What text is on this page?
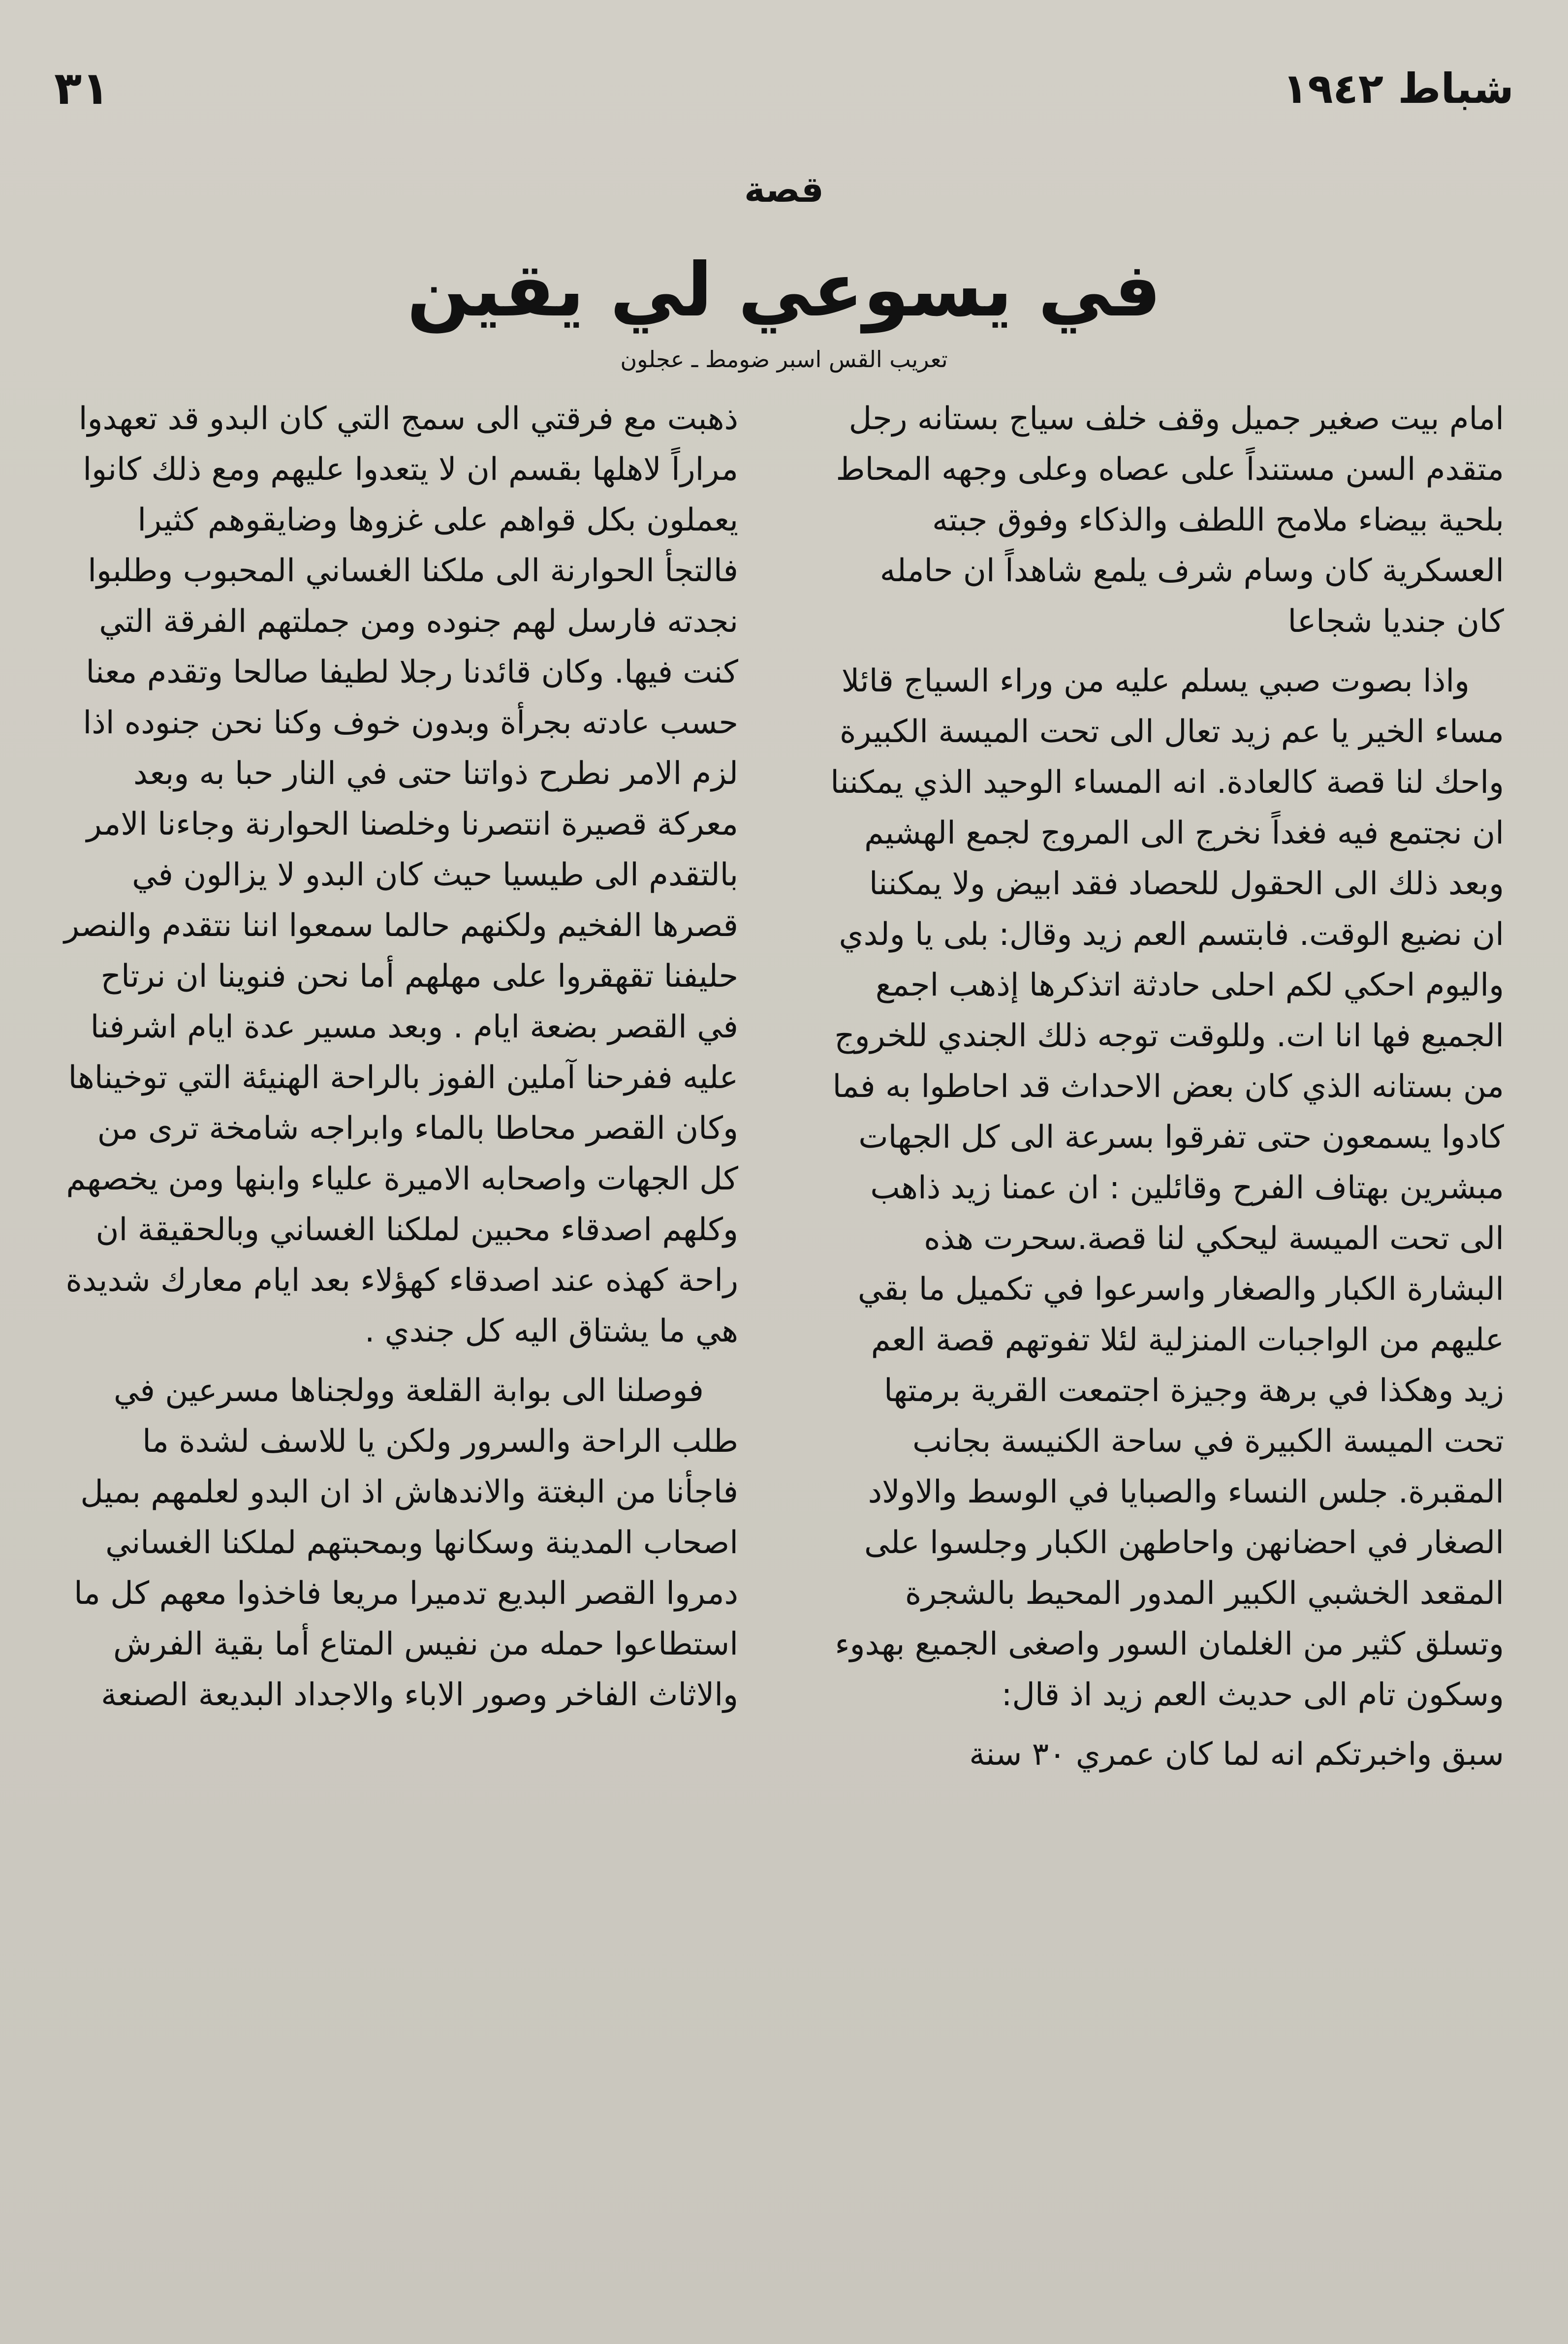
شباط ١٩٤٢
٣١
قصة
في يسوعي لي يقين
تعريب القس اسبر ضومط ـ عجلون

امام بيت صغير جميل وقف خلف سياج بستانه رجل متقدم السن مستنداً على عصاه وعلى وجهه المحاط بلحية بيضاء ملامح اللطف والذكاء وفوق جبته العسكرية كان وسام شرف يلمع شاهداً ان حامله كان جنديا شجاعا

واذا بصوت صبي يسلم عليه من وراء السياج قائلا مساء الخير يا عم زيد تعال الى تحت الميسة الكبيرة واحك لنا قصة كالعادة. انه المساء الوحيد الذي يمكننا ان نجتمع فيه فغداً نخرج الى المروج لجمع الهشيم وبعد ذلك الى الحقول للحصاد فقد ابيض ولا يمكننا ان نضيع الوقت. فابتسم العم زيد وقال: بلى يا ولدي واليوم احكي لكم احلى حادثة اتذكرها إذهب اجمع الجميع فها انا ات. وللوقت توجه ذلك الجندي للخروج من بستانه الذي كان بعض الاحداث قد احاطوا به فما كادوا يسمعون حتى تفرقوا بسرعة الى كل الجهات مبشرين بهتاف الفرح وقائلين : ان عمنا زيد ذاهب الى تحت الميسة ليحكي لنا قصة.سحرت هذه البشارة الكبار والصغار واسرعوا في تكميل ما بقي عليهم من الواجبات المنزلية لئلا تفوتهم قصة العم زيد وهكذا في برهة وجيزة اجتمعت القرية برمتها تحت الميسة الكبيرة في ساحة الكنيسة بجانب المقبرة. جلس النساء والصبايا في الوسط والاولاد الصغار في احضانهن واحاطهن الكبار وجلسوا على المقعد الخشبي الكبير المدور المحيط بالشجرة وتسلق كثير من الغلمان السور واصغى الجميع بهدوء وسكون تام الى حديث العم زيد اذ قال:

سبق واخبرتكم انه لما كان عمري ٣٠ سنة

ذهبت مع فرقتي الى سمج التي كان البدو قد تعهدوا مراراً لاهلها بقسم ان لا يتعدوا عليهم ومع ذلك كانوا يعملون بكل قواهم على غزوها وضايقوهم كثيرا فالتجأ الحوارنة الى ملكنا الغساني المحبوب وطلبوا نجدته فارسل لهم جنوده ومن جملتهم الفرقة التي كنت فيها. وكان قائدنا رجلا لطيفا صالحا وتقدم معنا حسب عادته بجرأة وبدون خوف وكنا نحن جنوده اذا لزم الامر نطرح ذواتنا حتى في النار حبا به وبعد معركة قصيرة انتصرنا وخلصنا الحوارنة وجاءنا الامر بالتقدم الى طيسيا حيث كان البدو لا يزالون في قصرها الفخيم ولكنهم حالما سمعوا اننا نتقدم والنصر حليفنا تقهقروا على مهلهم أما نحن فنوينا ان نرتاح في القصر بضعة ايام . وبعد مسير عدة ايام اشرفنا عليه ففرحنا آملين الفوز بالراحة الهنيئة التي توخيناها وكان القصر محاطا بالماء وابراجه شامخة ترى من كل الجهات واصحابه الاميرة علياء وابنها ومن يخصهم وكلهم اصدقاء محبين لملكنا الغساني وبالحقيقة ان راحة كهذه عند اصدقاء كهؤلاء بعد ايام معارك شديدة هي ما يشتاق اليه كل جندي .

فوصلنا الى بوابة القلعة وولجناها مسرعين في طلب الراحة والسرور ولكن يا للاسف لشدة ما فاجأنا من البغتة والاندهاش اذ ان البدو لعلمهم بميل اصحاب المدينة وسكانها وبمحبتهم لملكنا الغساني دمروا القصر البديع تدميرا مريعا فاخذوا معهم كل ما استطاعوا حمله من نفيس المتاع أما بقية الفرش والاثاث الفاخر وصور الاباء والاجداد البديعة الصنعة
